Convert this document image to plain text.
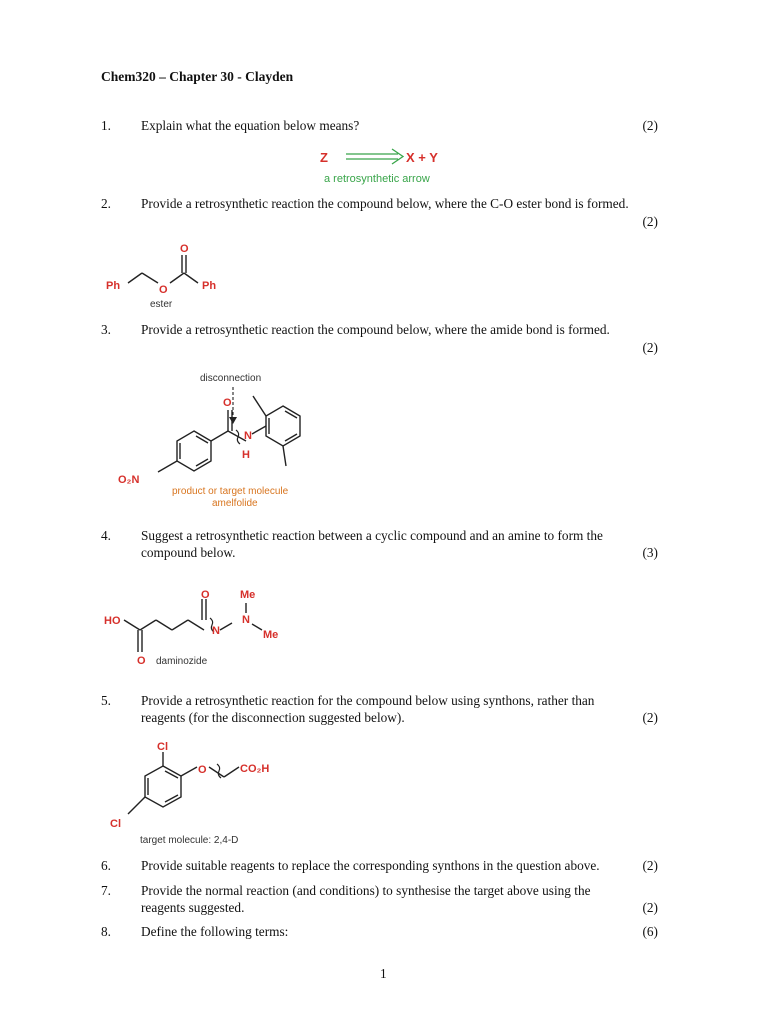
Chem320 – Chapter 30 - Clayden
1.	Explain what the equation below means?	(2)
Z	X + Y
a retrosynthetic arrow
2.	Provide a retrosynthetic reaction the compound below, where the C-O ester bond is formed.
(2)
Ph	O
O
Ph
ester
3.	Provide a retrosynthetic reaction the compound below, where the amide bond is formed.
(2)
disconnection
O
N
H
O₂N
product or target molecule
amelfolide
4.	Suggest a retrosynthetic reaction between a cyclic compound and an amine to form the
compound below.	(3)
HO
O
O
N
N
Me
Me
daminozide
5.	Provide a retrosynthetic reaction for the compound below using synthons, rather than
reagents (for the disconnection suggested below).	(2)
Cl
Cl
O	CO₂H
target molecule: 2,4-D
6.	Provide suitable reagents to replace the corresponding synthons in the question above.	(2)
7.	Provide the normal reaction (and conditions) to synthesise the target above using the
reagents suggested.	(2)
8.	Define the following terms:	(6)
1
